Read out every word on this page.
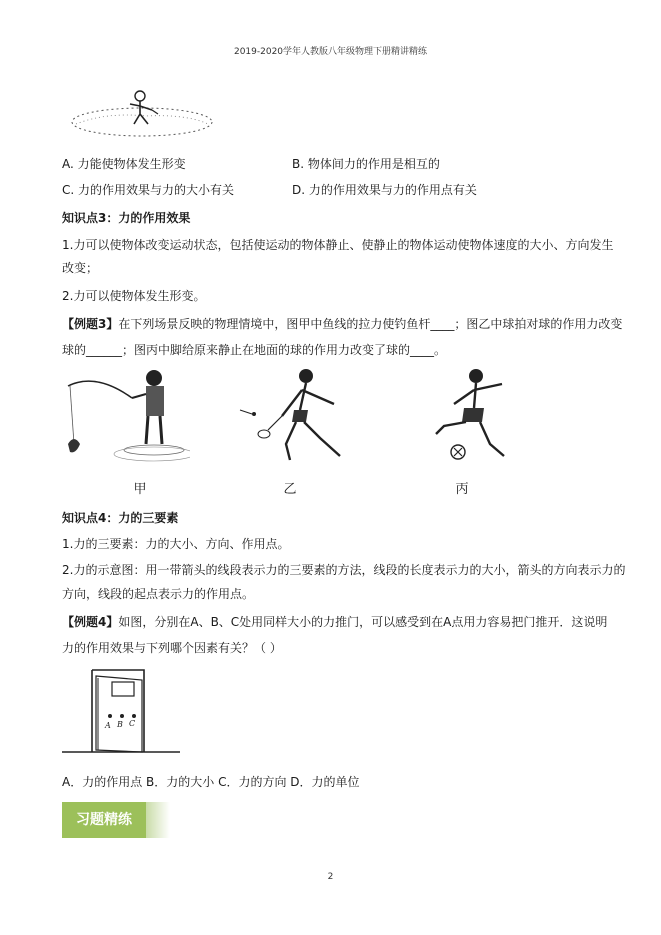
2019-2020学年人教版八年级物理下册精讲精练
A. 力能使物体发生形变	B. 物体间力的作用是相互的
C. 力的作用效果与力的大小有关	D. 力的作用效果与力的作用点有关
知识点3：力的作用效果
1.力可以使物体改变运动状态，包括使运动的物体静止、使静止的物体运动使物体速度的大小、方向发生
改变；
2.力可以使物体发生形变。
【例题3】在下列场景反映的物理情境中，图甲中鱼线的拉力使钓鱼杆____；图乙中球拍对球的作用力改变
球的______；图丙中脚给原来静止在地面的球的作用力改变了球的____。
甲	乙	丙
知识点4：力的三要素
1.力的三要素：力的大小、方向、作用点。
2.力的示意图：用一带箭头的线段表示力的三要素的方法，线段的长度表示力的大小，箭头的方向表示力的
方向，线段的起点表示力的作用点。
【例题4】如图，分别在A、B、C处用同样大小的力推门，可以感受到在A点用力容易把门推开．这说明
力的作用效果与下列哪个因素有关？（ ）
A B C
A．力的作用点 B．力的大小 C．力的方向 D．力的单位
习题精练
2
